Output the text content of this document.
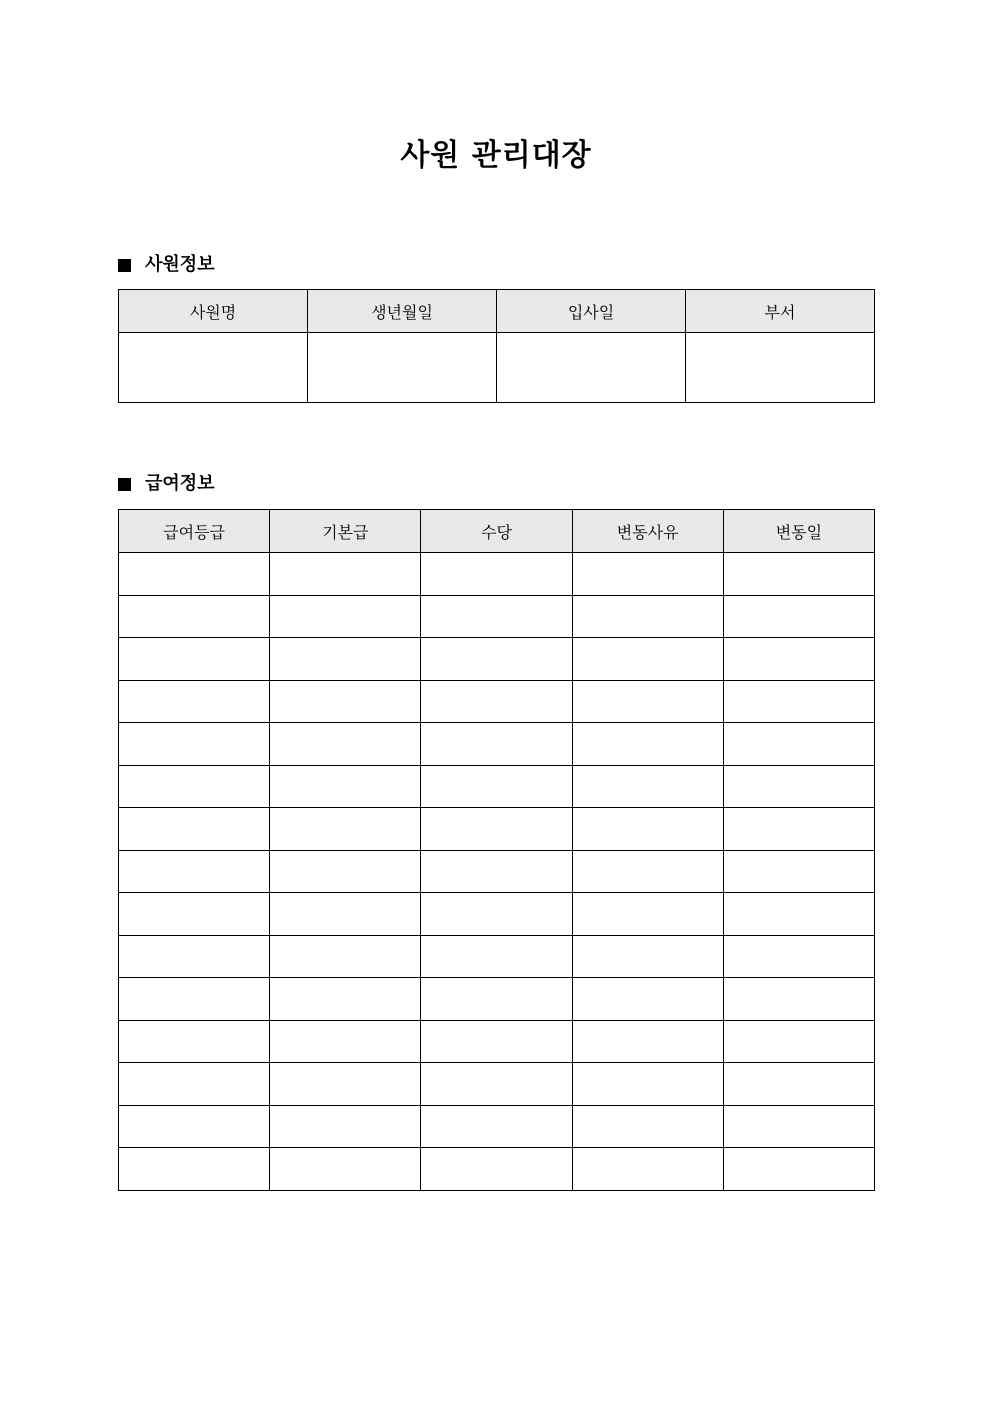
사원 관리대장
사원정보
사원명	생년월일	입사일	부서

급여정보
급여등급	기본급	수당	변동사유	변동일
